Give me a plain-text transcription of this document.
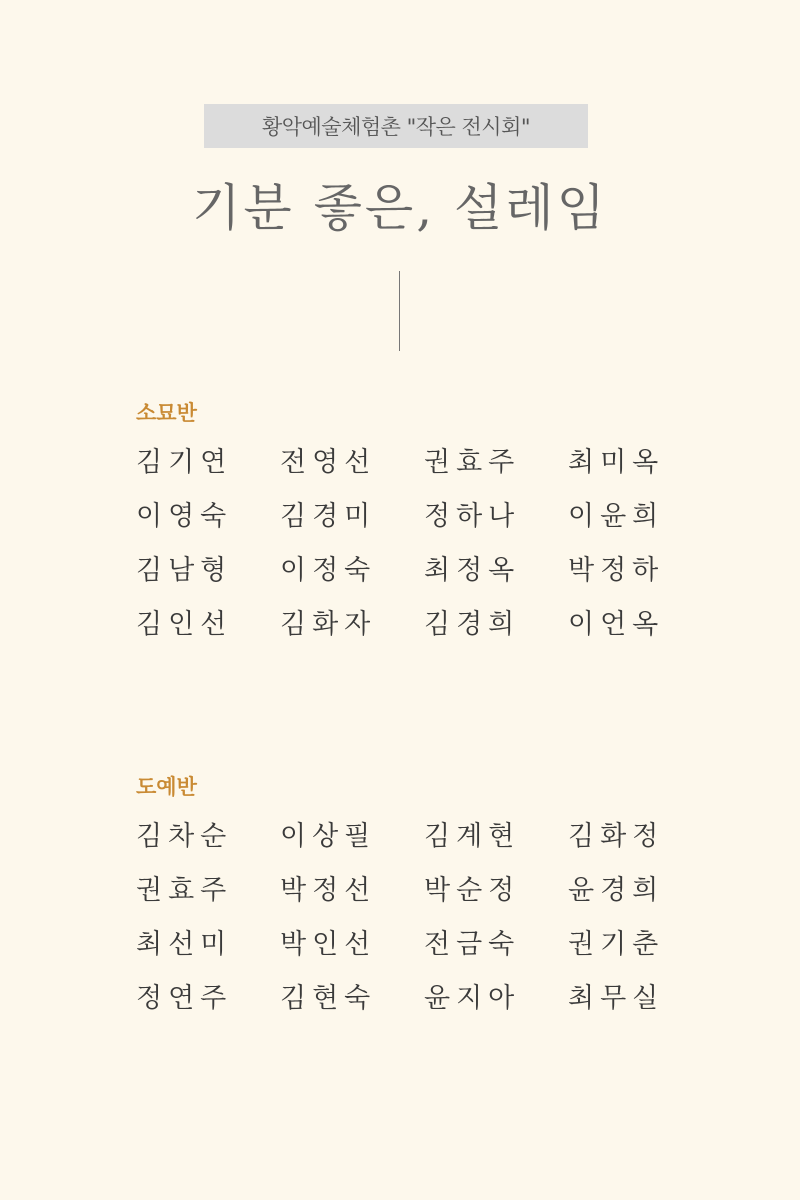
황악예술체험촌 "작은 전시회"
기분 좋은, 설레임
소묘반
김기연	전영선	권효주	최미옥
이영숙	김경미	정하나	이윤희
김남형	이정숙	최정옥	박정하
김인선	김화자	김경희	이언옥
도예반
김차순	이상필	김계현	김화정
권효주	박정선	박순정	윤경희
최선미	박인선	전금숙	권기춘
정연주	김현숙	윤지아	최무실
